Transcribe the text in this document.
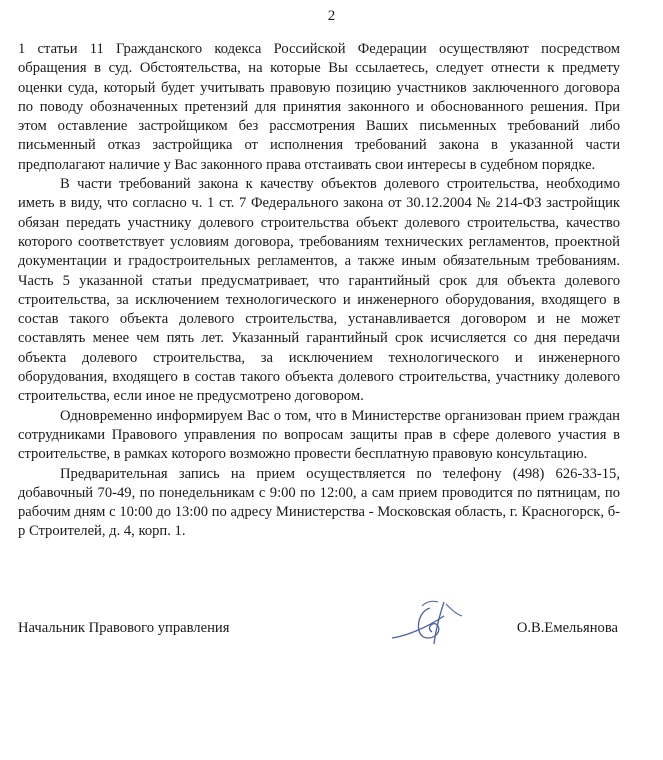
2

1 статьи 11 Гражданского кодекса Российской Федерации осуществляют посредством обращения в суд. Обстоятельства, на которые Вы ссылаетесь, следует отнести к предмету оценки суда, который будет учитывать правовую позицию участников заключенного договора по поводу обозначенных претензий для принятия законного и обоснованного решения. При этом оставление застройщиком без рассмотрения Ваших письменных требований либо письменный отказ застройщика от исполнения требований закона в указанной части предполагают наличие у Вас законного права отстаивать свои интересы в судебном порядке.

В части требований закона к качеству объектов долевого строительства, необходимо иметь в виду, что согласно ч. 1 ст. 7 Федерального закона от 30.12.2004 № 214-ФЗ застройщик обязан передать участнику долевого строительства объект долевого строительства, качество которого соответствует условиям договора, требованиям технических регламентов, проектной документации и градостроительных регламентов, а также иным обязательным требованиям. Часть 5 указанной статьи предусматривает, что гарантийный срок для объекта долевого строительства, за исключением технологического и инженерного оборудования, входящего в состав такого объекта долевого строительства, устанавливается договором и не может составлять менее чем пять лет. Указанный гарантийный срок исчисляется со дня передачи объекта долевого строительства, за исключением технологического и инженерного оборудования, входящего в состав такого объекта долевого строительства, участнику долевого строительства, если иное не предусмотрено договором.

Одновременно информируем Вас о том, что в Министерстве организован прием граждан сотрудниками Правового управления по вопросам защиты прав в сфере долевого участия в строительстве, в рамках которого возможно провести бесплатную правовую консультацию.

Предварительная запись на прием осуществляется по телефону (498) 626-33-15, добавочный 70-49, по понедельникам с 9:00 по 12:00, а сам прием проводится по пятницам, по рабочим дням с 10:00 до 13:00 по адресу Министерства - Московская область, г. Красногорск, б-р Строителей, д. 4, корп. 1.

Начальник Правового управления	О.В.Емельянова
